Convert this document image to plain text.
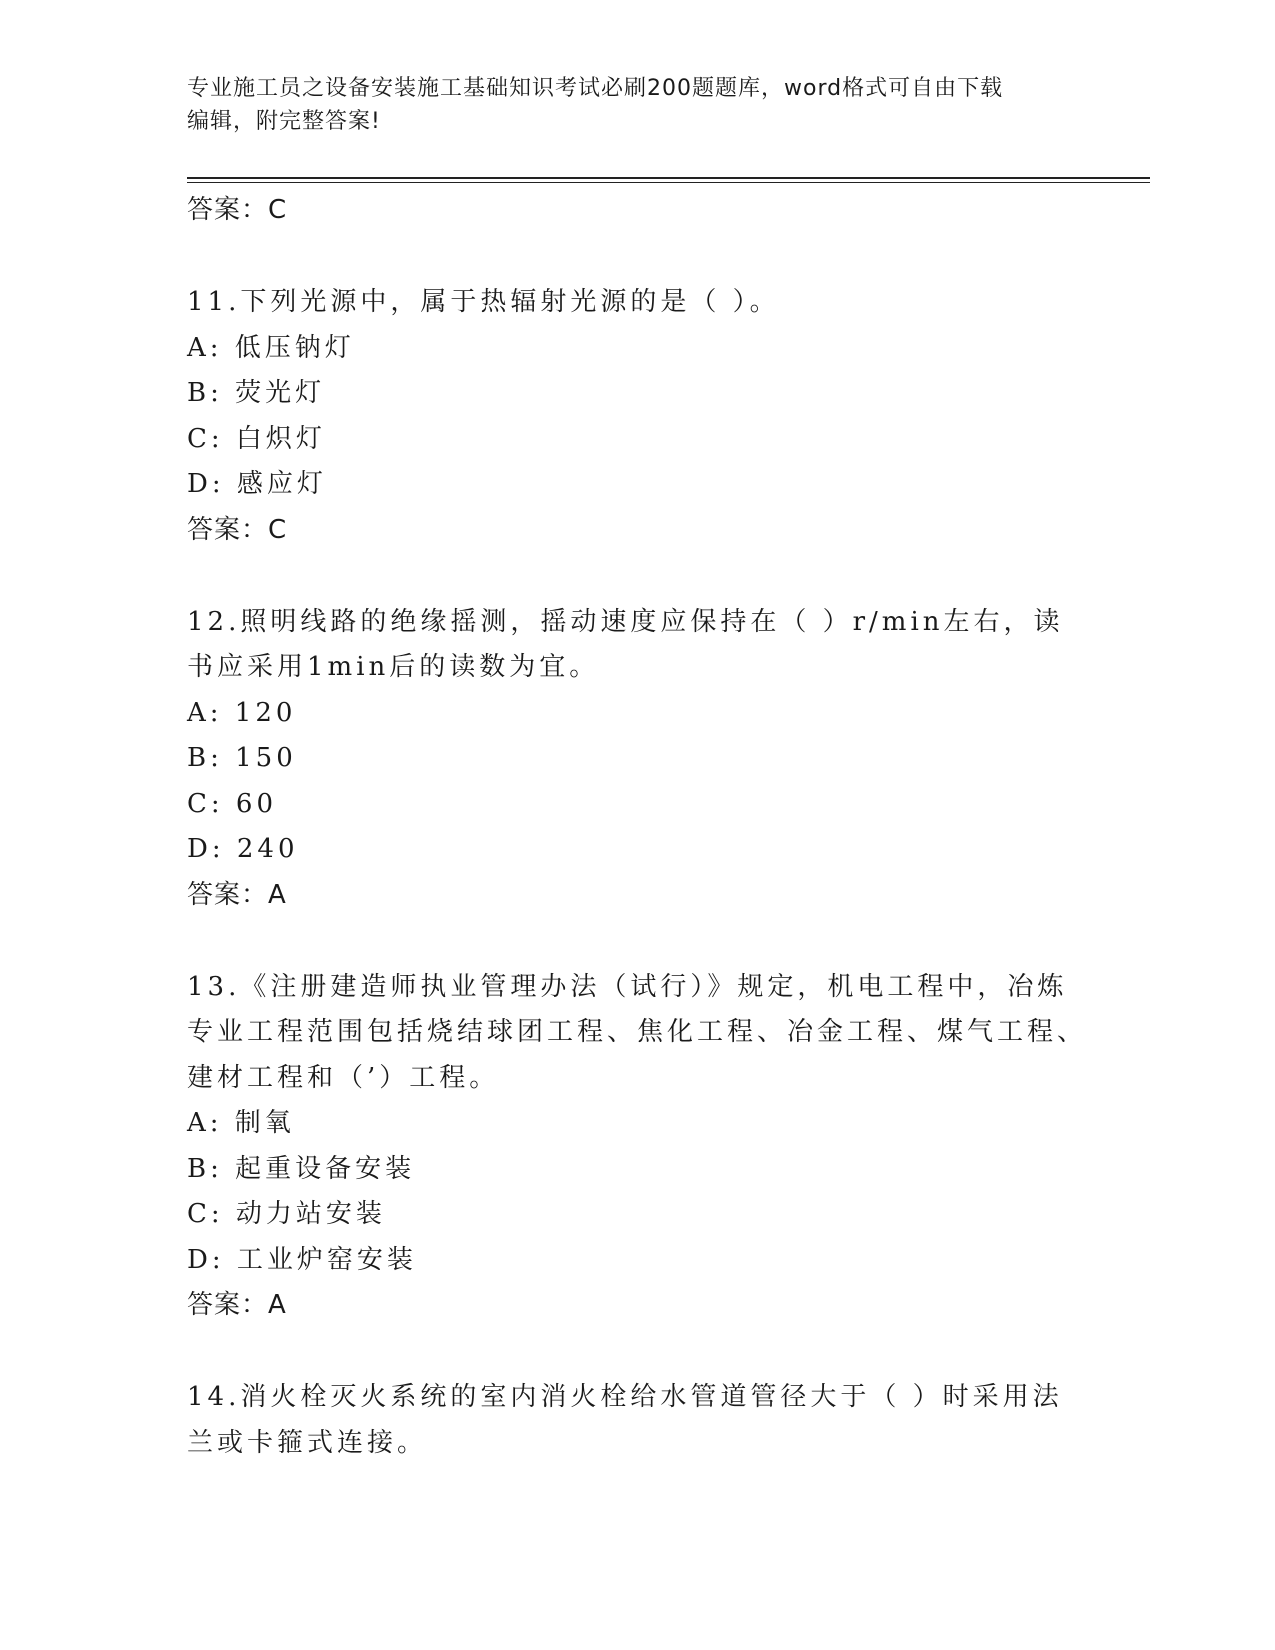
专业施工员之设备安装施工基础知识考试必刷200题题库，word格式可自由下载
编辑，附完整答案!
答案：C
11.下列光源中，属于热辐射光源的是（ ）。
A: 低压钠灯
B: 荧光灯
C: 白炽灯
D: 感应灯
答案：C
12.照明线路的绝缘摇测，摇动速度应保持在（ ）r/min左右，读书应采用1min后的读数为宜。
A: 120
B: 150
C: 60
D: 240
答案：A
13.《注册建造师执业管理办法（试行）》规定，机电工程中，冶炼专业工程范围包括烧结球团工程、焦化工程、冶金工程、煤气工程、建材工程和（’）工程。
A: 制氧
B: 起重设备安装
C: 动力站安装
D: 工业炉窑安装
答案：A
14.消火栓灭火系统的室内消火栓给水管道管径大于（ ）时采用法兰或卡箍式连接。
